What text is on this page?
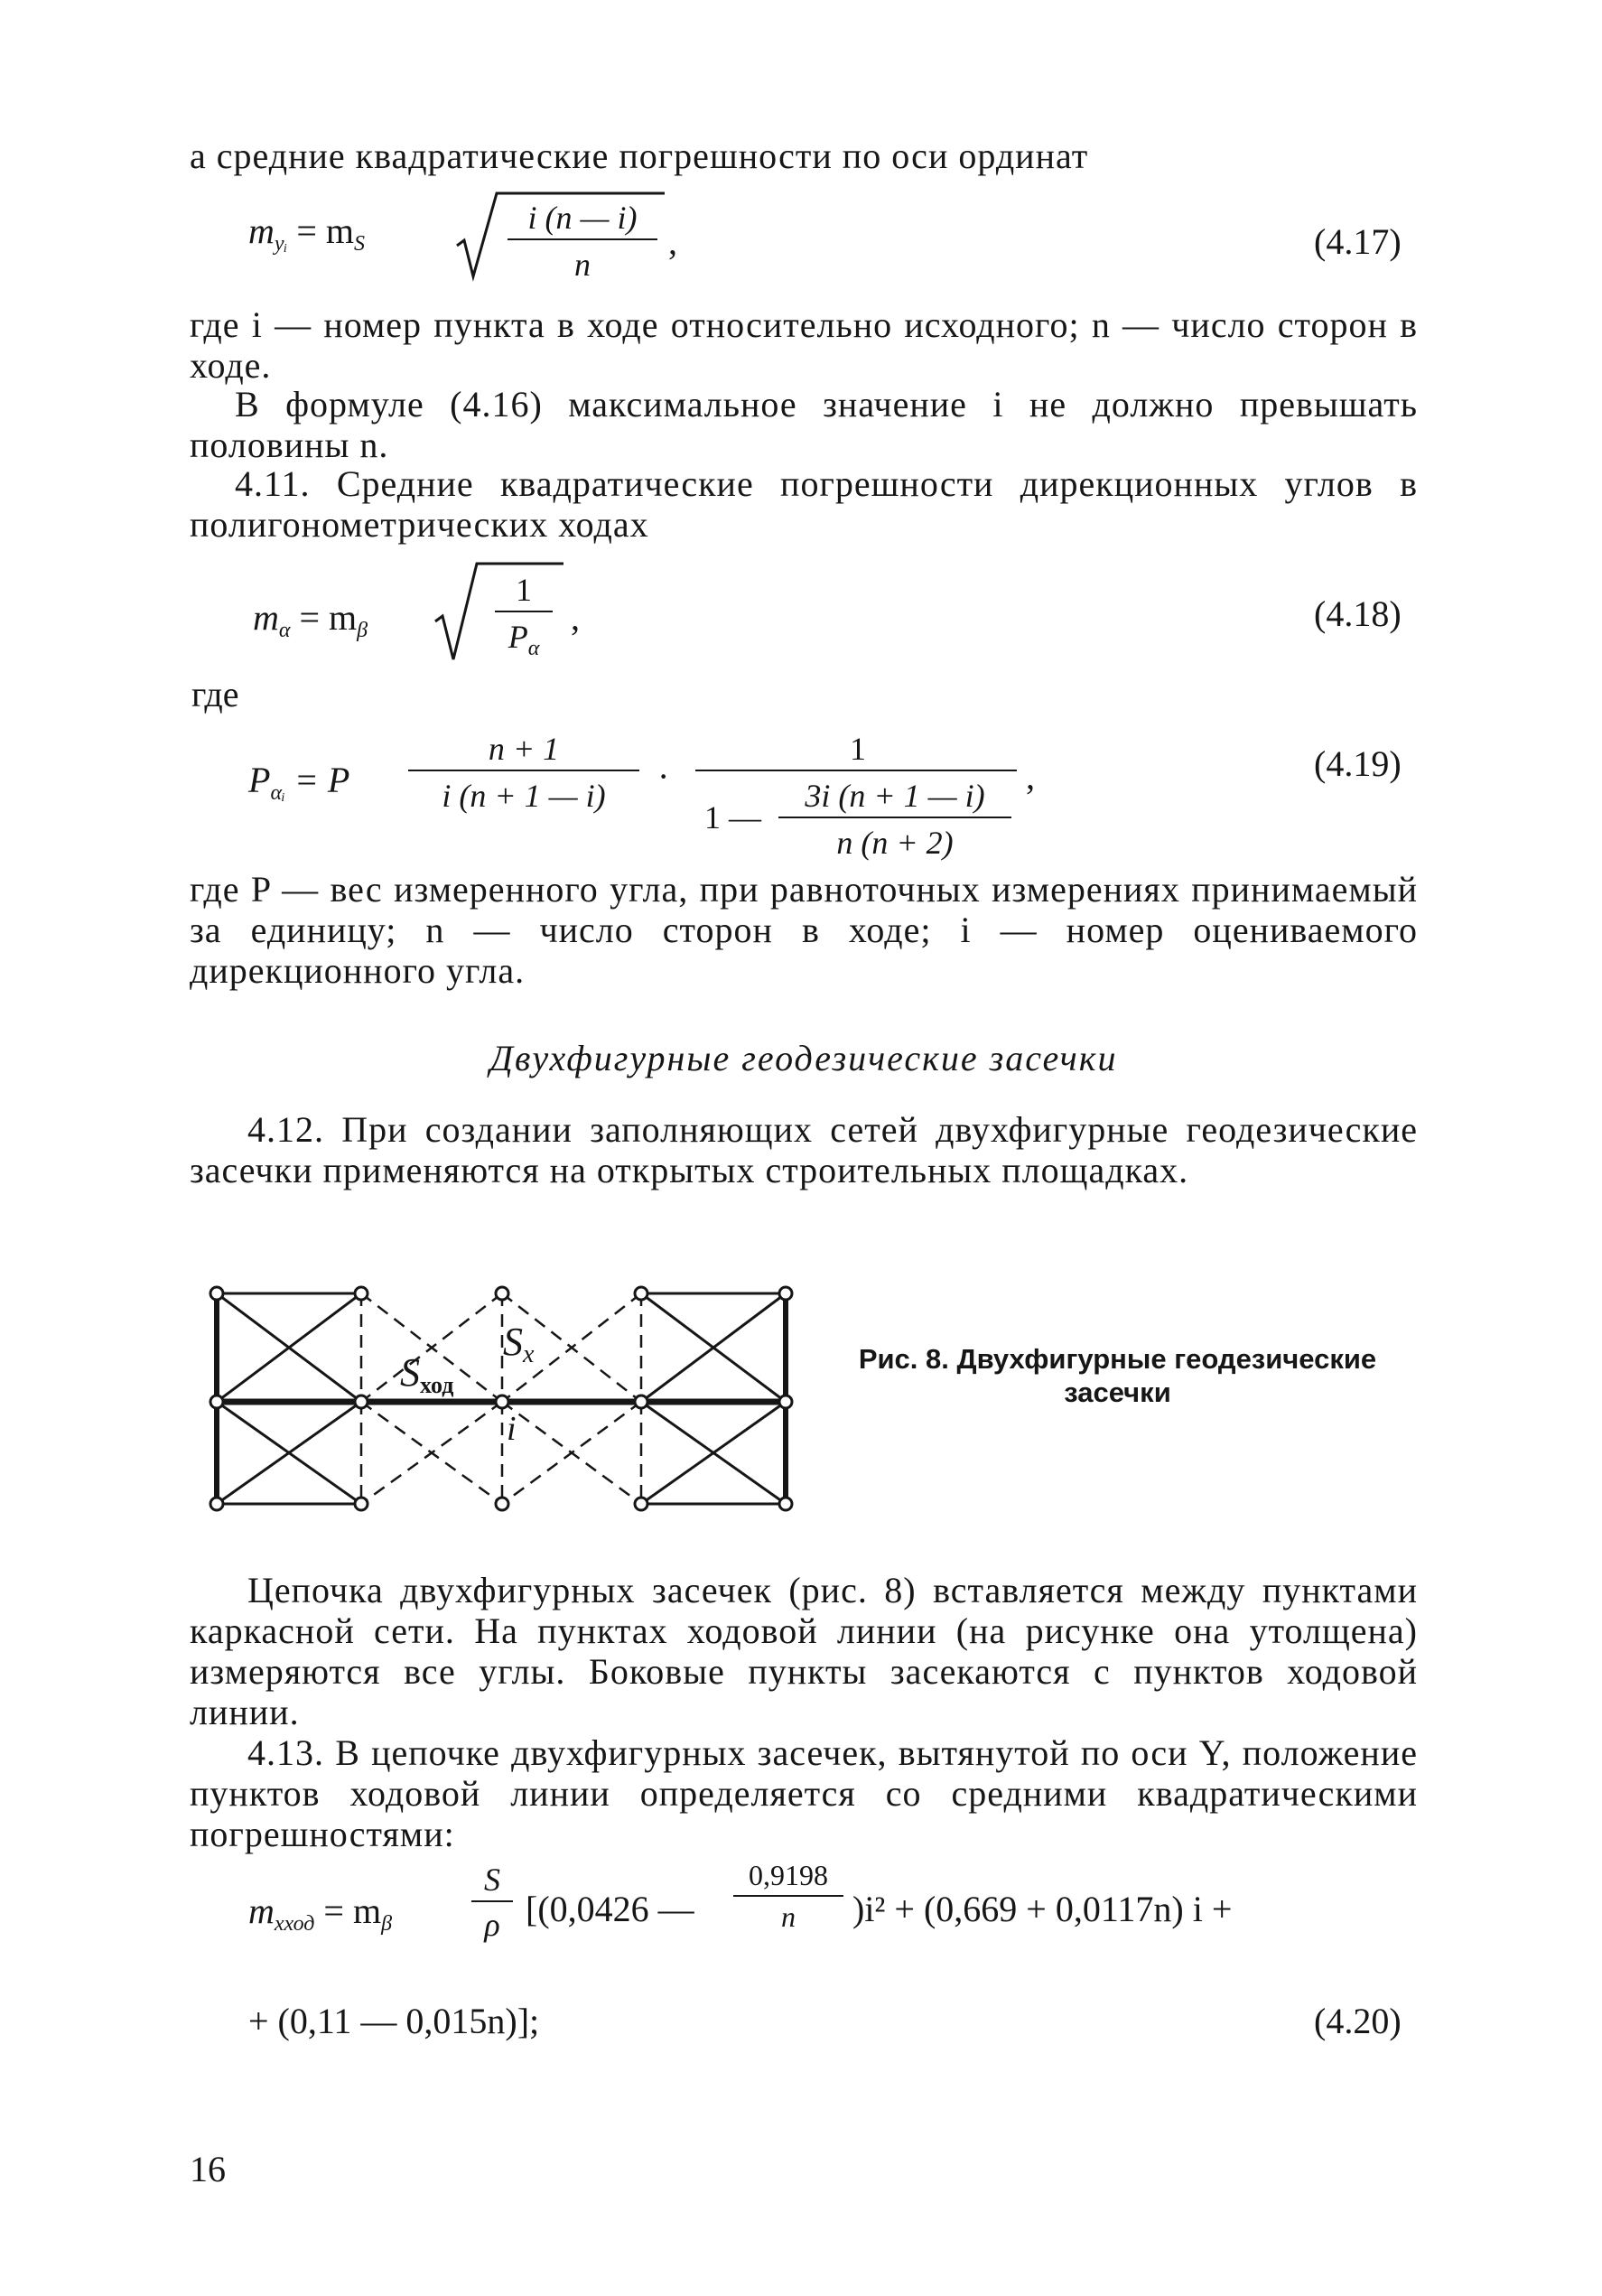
а средние квадратические погрешности по оси ординат

$m_{yᵢ} = m_S$
i (n — i)
n
,	(4.17)

где i — номер пункта в ходе относительно исходного; n — число сторон в ходе.

В формуле (4.16) максимальное значение i не должно превышать половины n.

4.11. Средние квадратические погрешности дирекционных углов в полигонометрических ходах

$m_\alpha = m_\beta$
1
$P_\alpha$
,	(4.18)
где
$P_{\alpha ᵢ} = P$
n + 1
i (n + 1 — i)	·
1
1 —
3i (n + 1 — i)
n (n + 2)
,	(4.19)

где P — вес измеренного угла, при равноточных измерениях принимаемый за единицу; n — число сторон в ходе; i — номер оцениваемого дирекционного угла.

Двухфигурные геодезические засечки

4.12. При создании заполняющих сетей двухфигурные геодезические засечки применяются на открытых строительных площадках.

$S_x$
$S_{ход}$
i

Рис. 8. Двухфигурные геодезические
засечки

Цепочка двухфигурных засечек (рис. 8) вставляется между пунктами каркасной сети. На пунктах ходовой линии (на рисунке она утолщена) измеряются все углы. Боковые пункты засекаются с пунктов ходовой линии.

4.13. В цепочке двухфигурных засечек, вытянутой по оси Y, положение пунктов ходовой линии определяется со средними квадратическими погрешностями:

$m_{xход} = m_\beta$
S
ρ [(0,0426 —
0,9198
n	)i² + (0,669 + 0,0117n) i +
+ (0,11 — 0,015n)];	(4.20)
16
